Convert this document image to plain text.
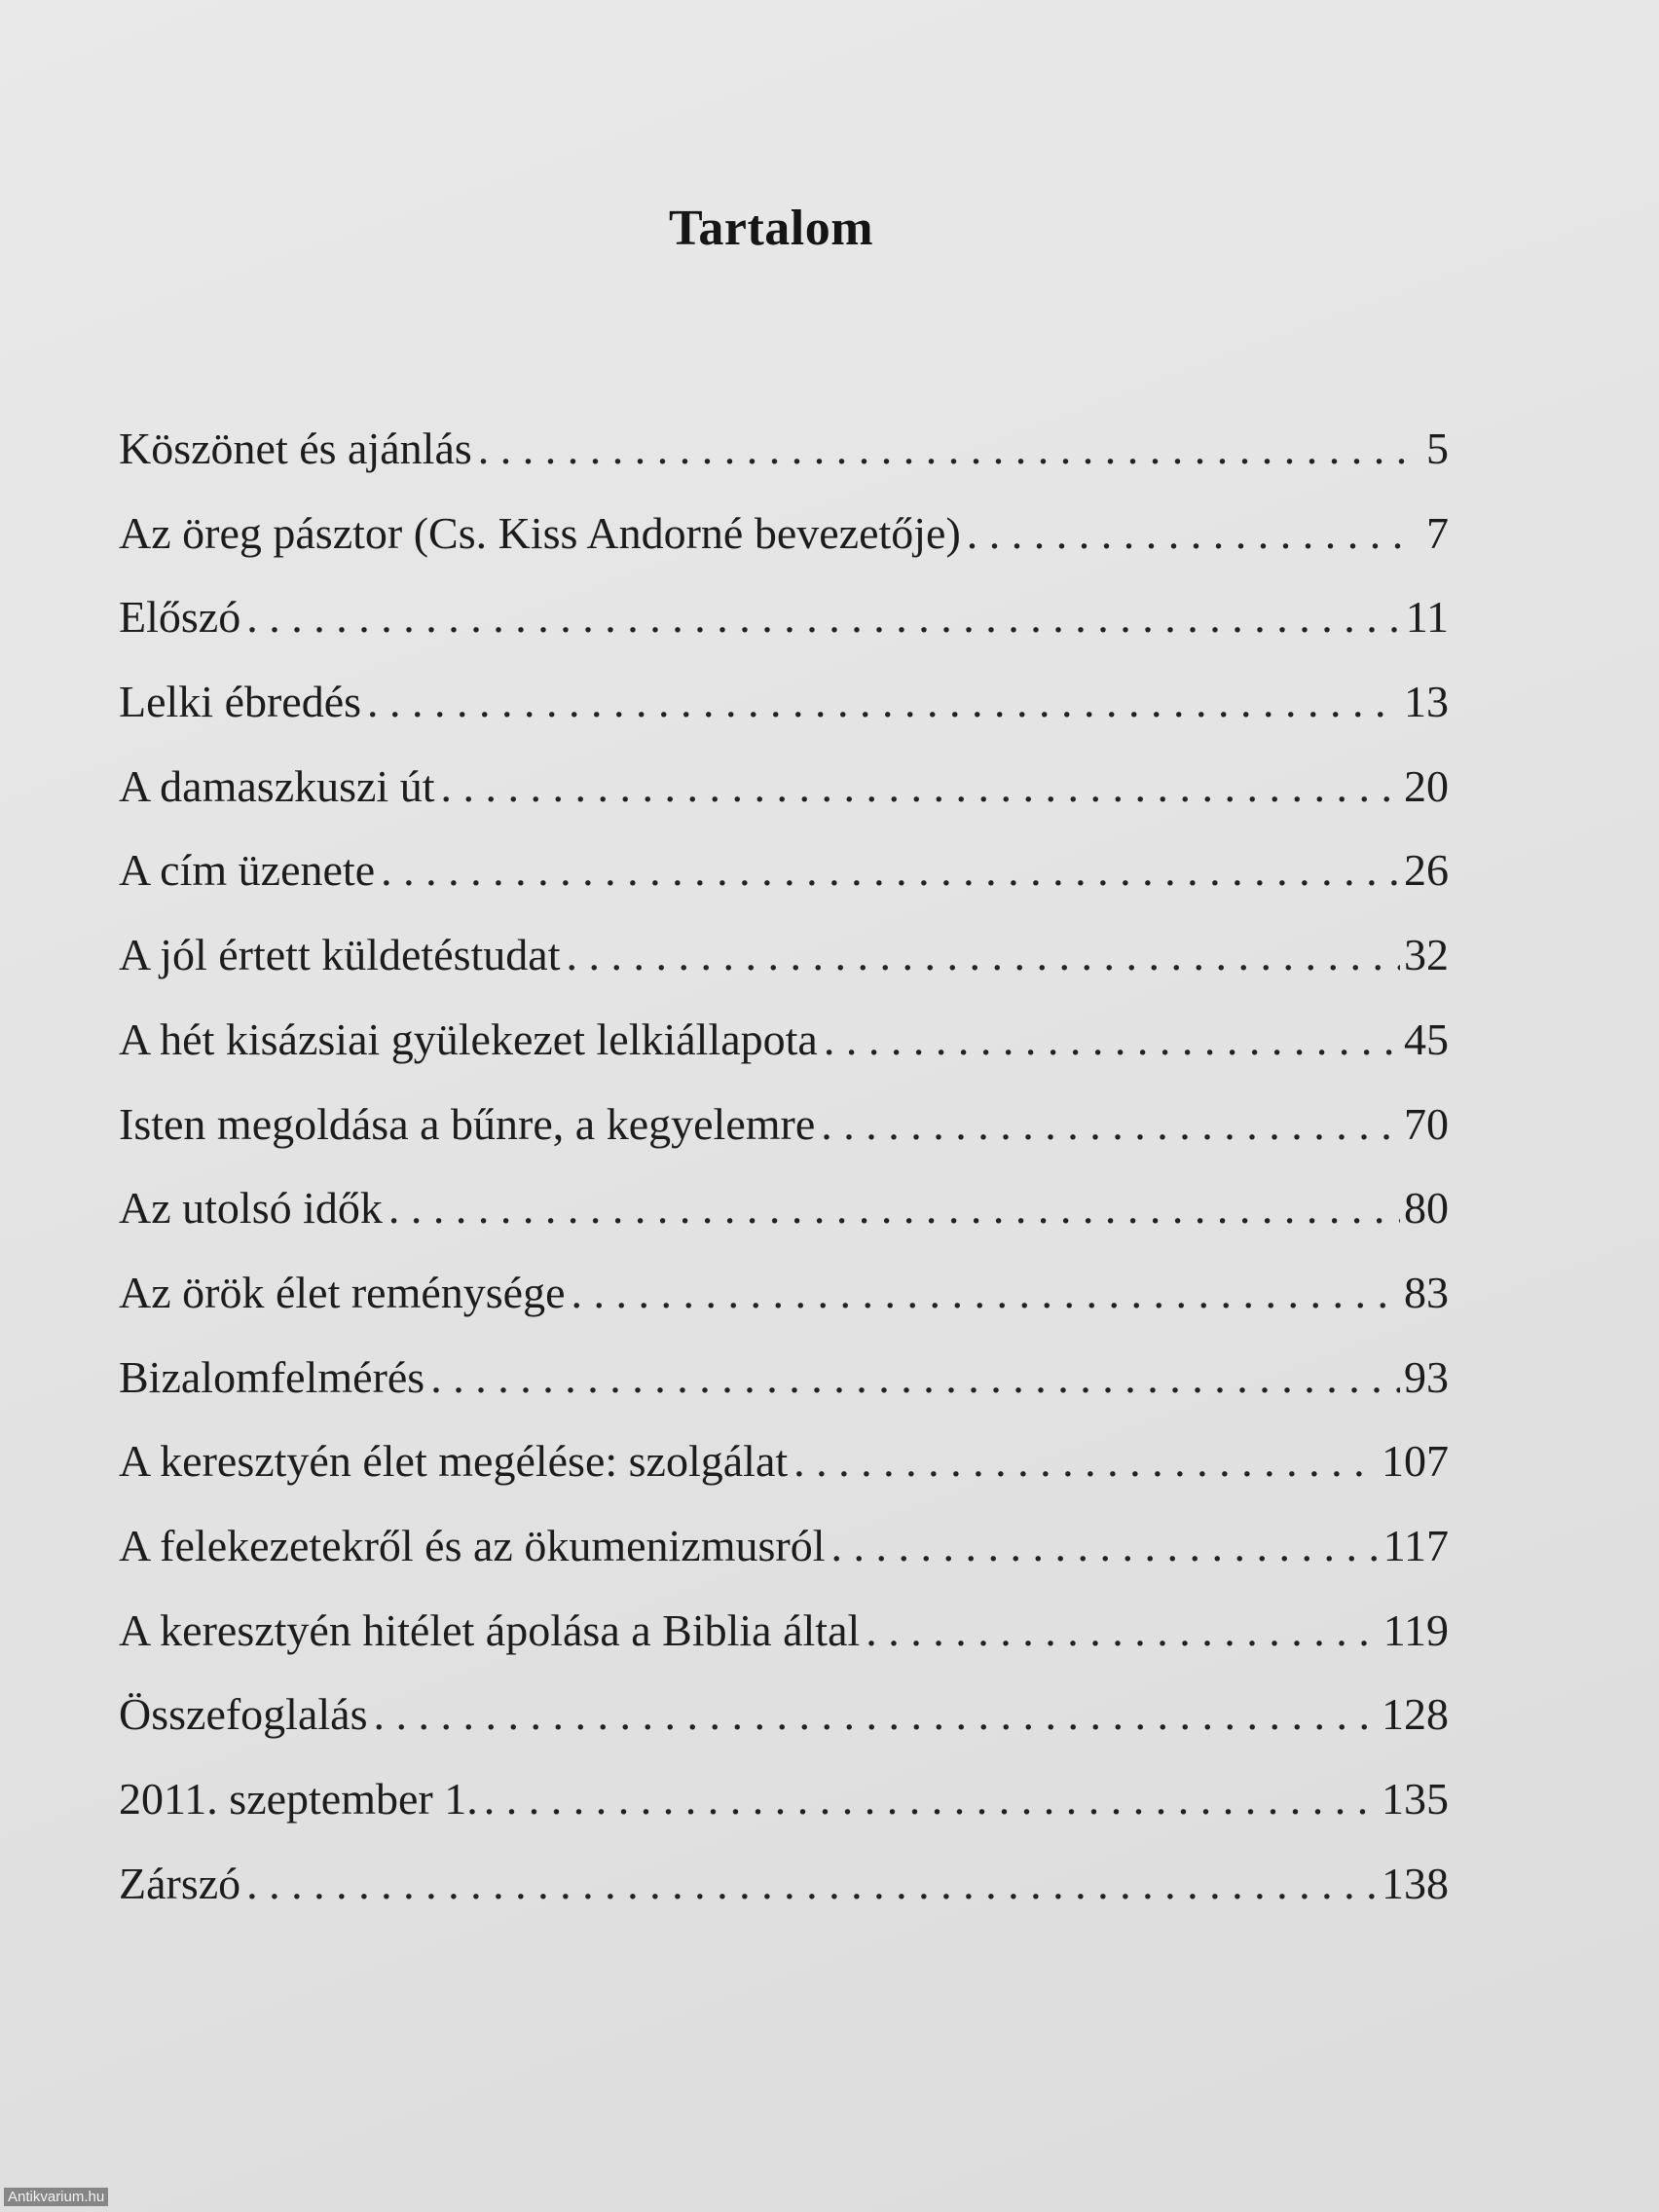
Tartalom
Köszönet és ajánlás . . .	5
Az öreg pásztor (Cs. Kiss Andorné bevezetője) . . .	7
Előszó . . .	11
Lelki ébredés . . .	13
A damaszkuszi út . . .	20
A cím üzenete . . .	26
A jól értett küldetéstudat . . .	32
A hét kisázsiai gyülekezet lelkiállapota . . .	45
Isten megoldása a bűnre, a kegyelemre . . .	70
Az utolsó idők . . .	80
Az örök élet reménysége . . .	83
Bizalomfelmérés . . .	93
A keresztyén élet megélése: szolgálat . . .	107
A felekezetekről és az ökumenizmusról . . .	117
A keresztyén hitélet ápolása a Biblia által . . .	119
Összefoglalás . . .	128
2011. szeptember 1. . . .	135
Zárszó . . .	138
Antikvarium.hu
